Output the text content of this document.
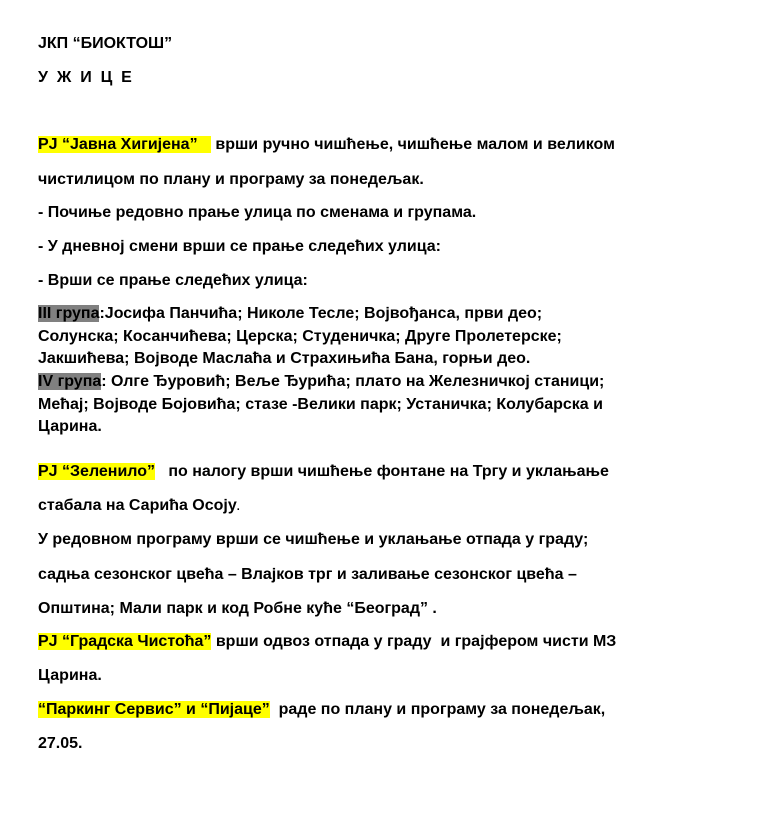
ЈКП “БИОКТОШ”
У  Ж  И  Ц  Е
РЈ “Јавна Хигијена”    врши ручно чишћење, чишћење малом и великом
чистилицом по плану и програму за понедељак.
- Почиње редовно прање улица по сменама и групама.
- У дневној смени врши се прање следећих улица:
- Врши се прање следећих улица:
III група:Јосифа Панчића; Николе Тесле; Војвођанса, први део;
Солунска; Косанчићева; Церска; Студеничка; Друге Пролетерске;
Јакшићева; Војводе Маслаћа и Страхињића Бана, горњи део.
IV група: Олге Ђуровић; Веље Ђурића; плато на Железничкој станици;
Мећај; Војводе Бојовића; стазе -Велики парк; Устаничка; Колубарска и
Царина.
РЈ “Зеленило”   по налогу врши чишћење фонтане на Тргу и уклањање
стабала на Сарића Осоју.
У редовном програму врши се чишћење и уклањање отпада у граду;
садња сезонског цвећа – Влајков трг и заливање сезонског цвећа –
Општина; Мали парк и код Робне куће “Београд” .
РЈ “Градска Чистоћа” врши одвоз отпада у граду  и грајфером чисти МЗ
Царина.
“Паркинг Сервис” и “Пијаце”  раде по плану и програму за понедељак,
27.05.
